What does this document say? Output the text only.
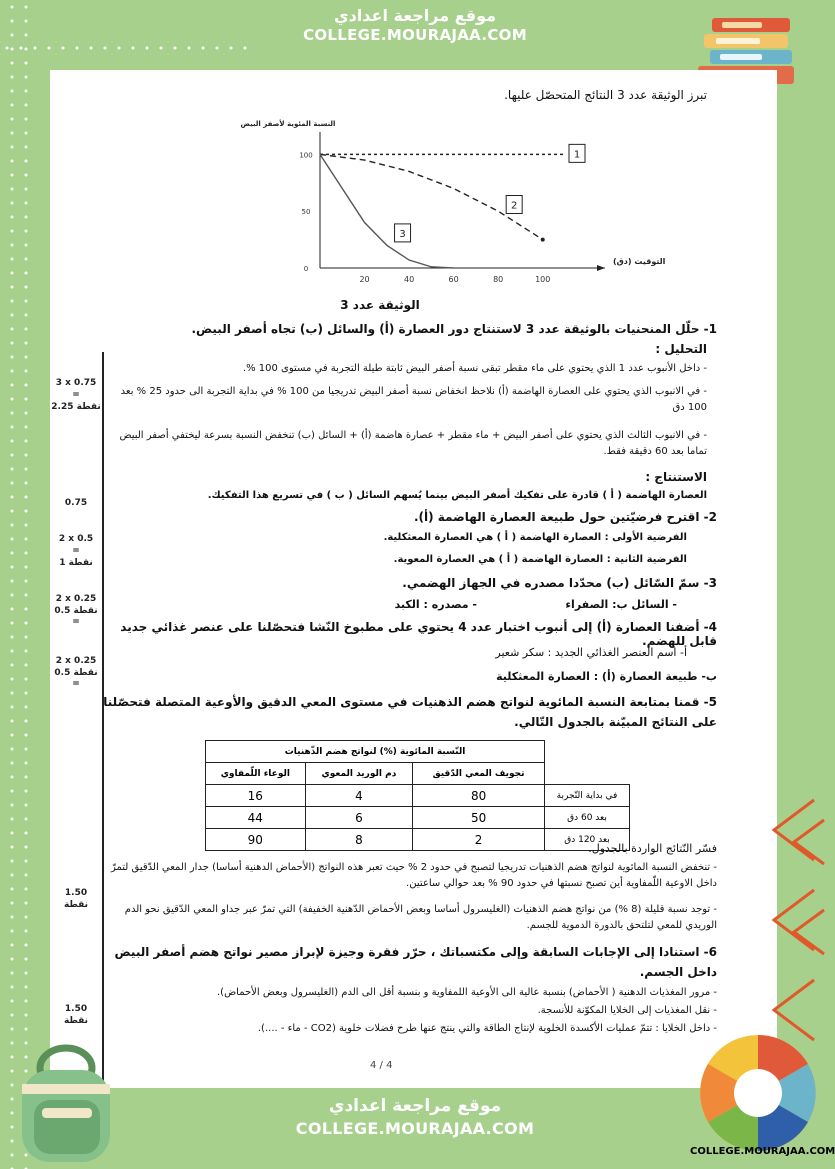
موقع مراجعة اعدادي
COLLEGE.MOURAJAA.COM
تبرز الوثيقة عدد 3 النتائج المتحصّل عليها.
20	40	60	80	100
0
50
100
النسبة المئوية لأصفر البيض
التوقيت (دق)
1
2
3
الوثيقة عدد 3
3 x 0.75
=
نقطة 2.25
0.75
2 x 0.5
=
1 نقطة
2 x 0.25
نقطة 0.5 =
2 x 0.25
نقطة 0.5 =
1.50
نقطة
1.50
نقطة
1- حلّل المنحنيات بالوثيقة عدد 3 لاستنتاج دور العصارة (أ) والسائل (ب) تجاه أصفر البيض.
التحليل :
- داخل الأنبوب عدد 1 الذي يحتوي على ماء مقطر تبقى نسبة أصفر البيض ثابتة طيلة التجربة في مستوى 100 %.
- في الانبوب الذي يحتوي على العصارة الهاضمة (أ) نلاحظ انخفاض نسبة أصفر البيض تدريجيا من 100 % في بداية التجربة الى حدود 25 % بعد 100 دق
- في الانبوب الثالث الذي يحتوي على أصفر البيض + ماء مقطر + عصارة هاضمة (أ) + السائل (ب) تنخفض النسبة بسرعة ليختفي أصفر البيض تماما بعد 60 دقيقة فقط.
الاستنتاج :
العصارة الهاضمة ( أ ) قادرة على تفكيك أصفر البيض بينما يُسهم السائل ( ب ) في تسريع هذا التفكيك.
2- اقترح فرضيّتين حول طبيعة العصارة الهاضمة (أ).
الفرضية الأولى : العصارة الهاضمة ( أ ) هي العصارة المعثكلية.
الفرضية الثانية : العصارة الهاضمة ( أ ) هي العصارة المعوية.
3- سمّ السّائل (ب) محدّدا مصدره في الجهاز الهضمي.
- السائل ب: الصفراء
- مصدره : الكبد
4- أضفنا العصارة (أ) إلى أنبوب اختبار عدد 4 يحتوي على مطبوخ النّشا فتحصّلنا على عنصر غذائي جديد قابل للهضم.
أ- اسم العنصر الغذائي الجديد : سكر شعير
ب- طبيعة العصارة (أ) : العصارة المعثكلية
5- قمنا بمتابعة النسبة المائوية لنواتج هضم الذهنيات في مستوى المعي الدقيق والأوعية المتصلة فتحصّلنا على النتائج المبيّنة بالجدول التّالي.
النّسبة المائوية (%) لنواتج هضم الذّهنيات			
الوعاء اللّمفاوي	دم الوريد المعوي	تجويف المعي الدّقيق	
16	4	80	في بداية التّجربة
44	6	50	بعد 60 دق
90	8	2	بعد 120 دق
فسّر النّتائج الواردة بالجدول.
- تنخفض النسبة المائوية لنواتج هضم الذهنيات تدريجيا لتصبح في حدود 2 % حيث تعبر هذه النواتج (الأحماض الدهنية أساسا) جدار المعي الدّقيق لتمرّ داخل الاوعية اللّمفاوية أين تصبح نسبتها في حدود 90 % بعد حوالي ساعتين.
- توجد نسبة قليلة (8 %) من نواتج هضم الذهنيات (الغليسرول أساسا وبعض الأحماض الدّهنية الخفيفة) التي تمرّ عبر جداو المعي الدّقيق نحو الدم الوريدي للمعي لتلتحق بالدورة الدموية للجسم.
6- استنادا إلى الإجابات السابقة وإلى مكتسباتك ، حرّر فقرة وجيزة لإبراز مصير نواتج هضم أصفر البيض داخل الجسم.
- مرور المغذيات الدهنية ( الأحماض) بنسبة عالية الى الأوعية اللمفاوية و بنسبة أقل الى الدم (الغليسرول وبعض الأحماض).
- نقل المغذيات إلى الخلايا المكوّنة للأنسجة.
- داخل الخلايا : تتمّ عمليات الأكسدة الخلوية لإنتاج الطاقة والتي ينتج عنها طرح فضلات خلوية (CO2 - ماء - ....).
4 / 4
موقع مراجعة اعدادي
COLLEGE.MOURAJAA.COM
COLLEGE.MOURAJAA.COM
